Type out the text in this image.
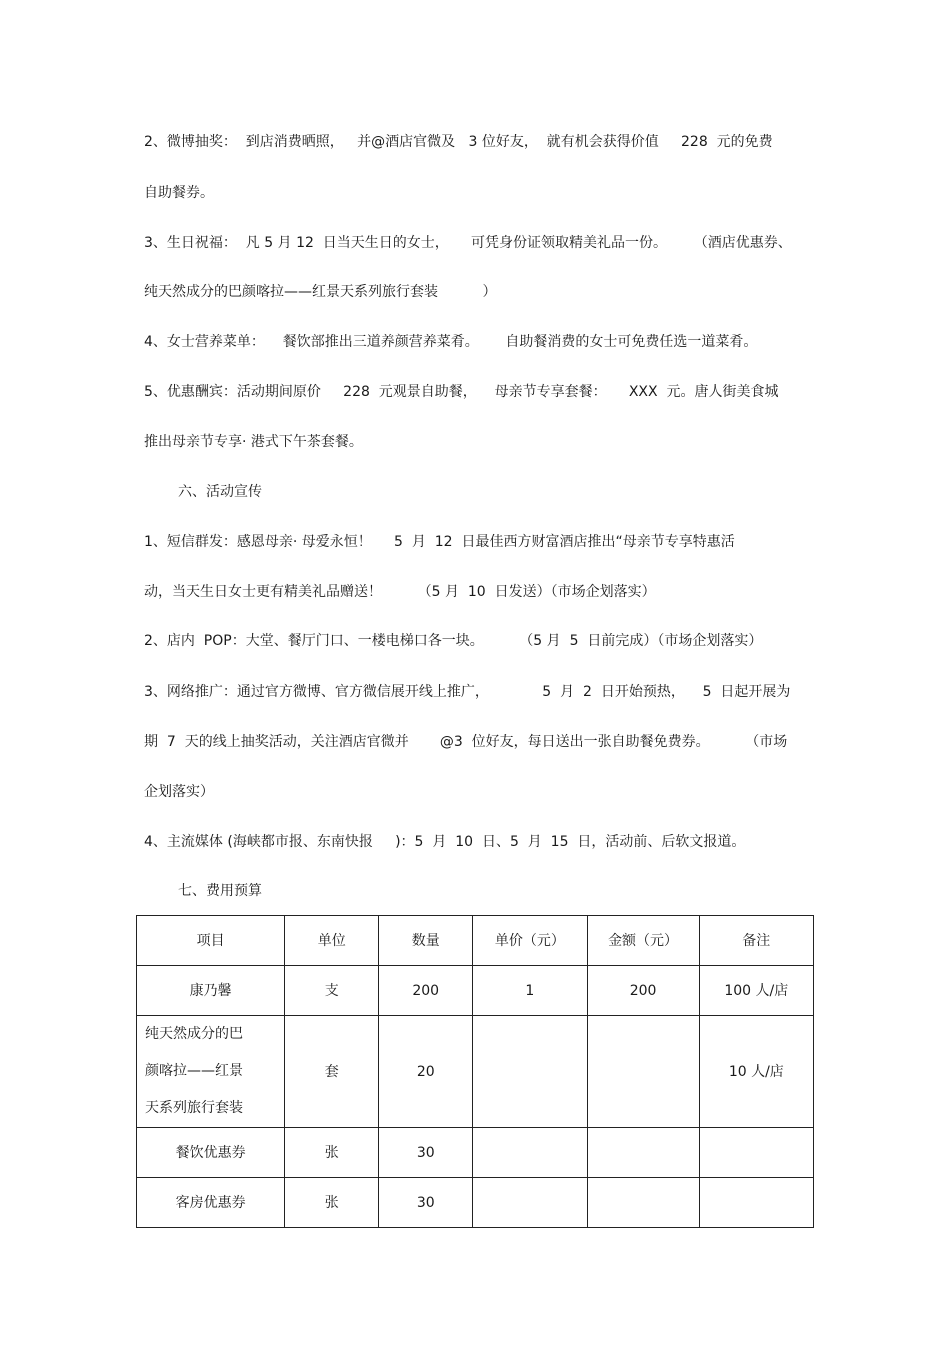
2、微博抽奖：  到店消费晒照，   并@酒店官微及   3 位好友，  就有机会获得价值     228  元的免费
自助餐券。
3、生日祝福：  凡 5 月 12  日当天生日的女士，     可凭身份证领取精美礼品一份。      （酒店优惠券、
纯天然成分的巴颜喀拉——红景天系列旅行套装          ）
4、女士营养菜单：    餐饮部推出三道养颜营养菜肴。      自助餐消费的女士可免费任选一道菜肴。
5、优惠酬宾：活动期间原价     228  元观景自助餐，    母亲节专享套餐：     XXX  元。唐人街美食城
推出母亲节专享· 港式下午茶套餐。
六、活动宣传
1、短信群发：感恩母亲· 母爱永恒！     5  月  12  日最佳西方财富酒店推出“母亲节专享特惠活
动，当天生日女士更有精美礼品赠送！        （5 月  10  日发送）（市场企划落实）
2、店内  POP：大堂、餐厅门口、一楼电梯口各一块。        （5 月  5  日前完成）（市场企划落实）
3、网络推广：通过官方微博、官方微信展开线上推广，            5  月  2  日开始预热，    5  日起开展为
期  7  天的线上抽奖活动，关注酒店官微并       @3  位好友，每日送出一张自助餐免费券。        （市场
企划落实）
4、主流媒体 (海峡都市报、东南快报     )：5  月  10  日、5  月  15  日，活动前、后软文报道。
七、费用预算
项目	单位	数量	单价（元）	金额（元）	备注
康乃馨	支	200	1	200	100 人/店
纯天然成分的巴
颜喀拉——红景
天系列旅行套装	套	20			10 人/店
餐饮优惠券	张	30			
客房优惠券	张	30			
